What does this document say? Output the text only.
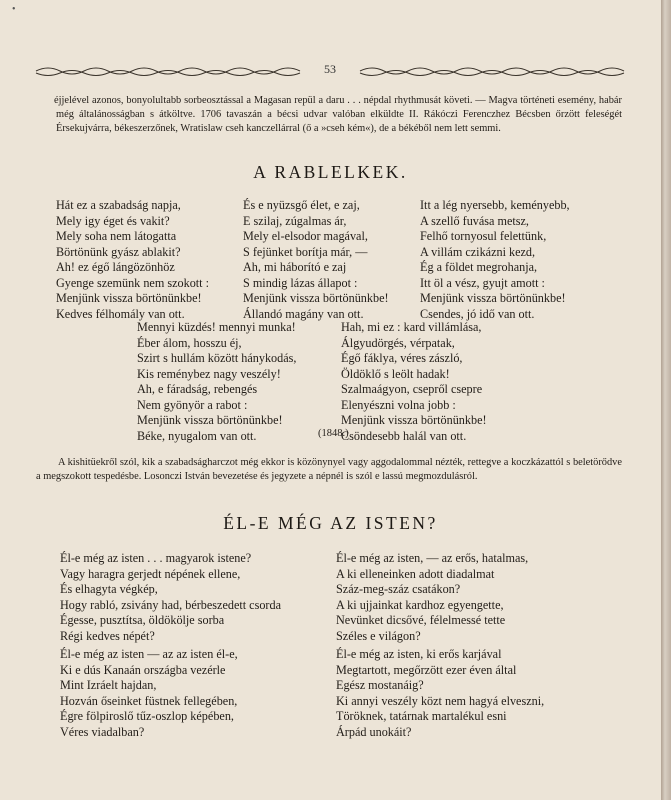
•
53

éjjelével azonos, bonyolultabb sorbeosztással a Magasan repül a daru . . . népdal rhythmusát követi. — Magva történeti esemény, habár még általánosságban s átköltve. 1706 tavaszán a bécsi udvar valóban elküldte II. Rákóczi Ferenczhez Bécsben őrzött feleségét Érsekujvárra, békeszerzőnek, Wratislaw cseh kanczellárral (ő a »cseh kém«), de a békéből nem lett semmi.

A RABLELKEK.
Hát ez a szabadság napja,
Mely igy éget és vakit?
Mely soha nem látogatta
Börtönünk gyász ablakit?
Ah! ez égő lángözönhöz
Gyenge szemünk nem szokott :
Menjünk vissza börtönünkbe!
Kedves félhomály van ott.
És e nyüzsgő élet, e zaj,
E szilaj, zúgalmas ár,
Mely el-elsodor magával,
S fejünket borítja már, —
Ah, mi háborító e zaj
S mindig lázas állapot :
Menjünk vissza börtönünkbe!
Állandó magány van ott.
Itt a lég nyersebb, keményebb,
A szellő fuvása metsz,
Felhő tornyosul felettünk,
A villám czikázni kezd,
Ég a földet megrohanja,
Itt öl a vész, gyujt amott :
Menjünk vissza börtönünkbe!
Csendes, jó idő van ott.
Mennyi küzdés! mennyi munka!
Éber álom, hosszu éj,
Szirt s hullám között hánykodás,
Kis reménybez nagy veszély!
Ah, e fáradság, rebengés
Nem gyönyör a rabot :
Menjünk vissza börtönünkbe!
Béke, nyugalom van ott.
Hah, mi ez : kard villámlása,
Álgyudörgés, vérpatak,
Égő fáklya, véres zászló,
Öldöklő s leölt hadak!
Szalmaágyon, csepről cseprе
Elenyészni volna jobb :
Menjünk vissza börtönünkbe!
Csöndesebb halál van ott.
(1848.)

A kishitüekről szól, kik a szabadságharczot még ekkor is közönynyel vagy aggodalommal nézték, rettegve a koczkázattól s beletörődve a megszokott tespedésbe. Losonczi István bevezetése és jegyzete a népnél is szól e lassú megmozdulásról.

ÉL-E MÉG AZ ISTEN?
Él-e még az isten . . . magyarok istene?
Vagy haragra gerjedt népének ellene,
És elhagyta végkép,
Hogy rabló, zsivány had, bérbeszedett csorda
Égesse, pusztítsa, öldökölje sorba
Régi kedves népét?
Él-e még az isten — az az isten él-e,
Ki e dús Kanaán országba vezérle
Mint Izráelt hajdan,
Hozván őseinket füstnek fellegében,
Égre fölpiroslő tűz-oszlop képében,
Véres viadalban?
Él-e még az isten, — az erős, hatalmas,
A ki elleneinken adott diadalmat
Száz-meg-száz csatákon?
A ki ujjainkat kardhoz egyengette,
Nevünket dicsővé, félelmessé tette
Széles e világon?
Él-e még az isten, ki erős karjával
Megtartott, megőrzött ezer éven által
Egész mostanáig?
Ki annyi veszély közt nem hagyá elveszni,
Töröknek, tatárnak martalékul esni
Árpád unokáit?
